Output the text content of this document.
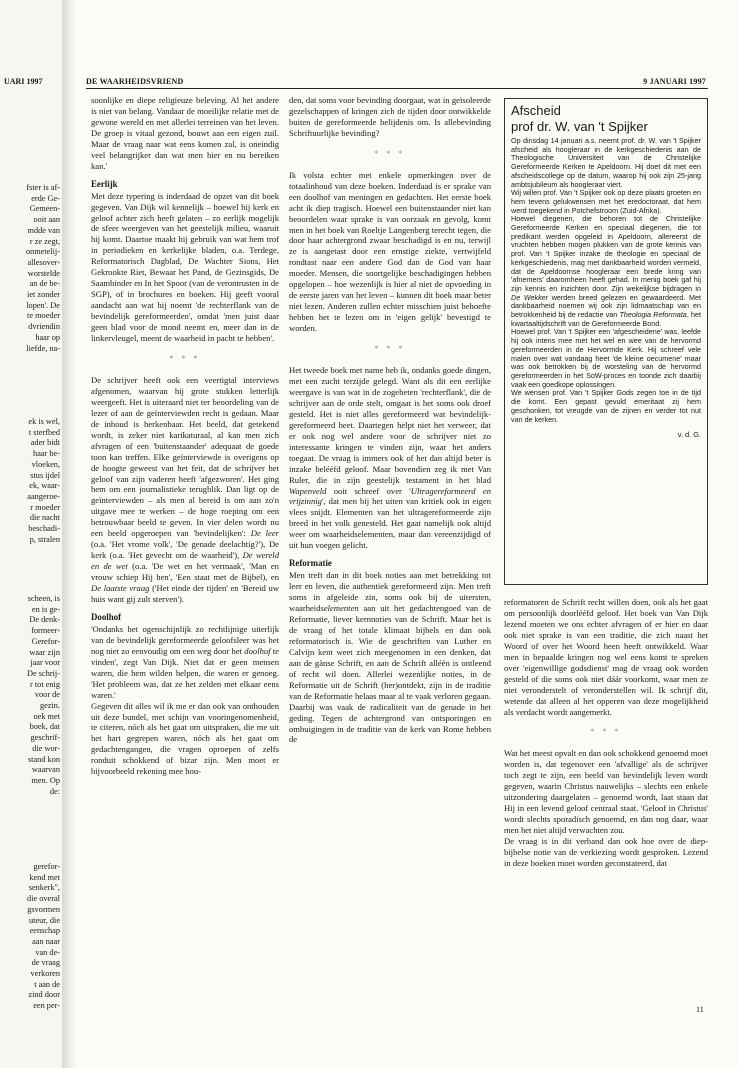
UARI 1997
fster is af-
erde Ge-
Gemeen-
ooit aan
mdde van
r ze zegt,
onmetelij-
allesover-
worstelde
an de be-
iet zonder
lopen'. De
te moeder
dvriendin
haar op
liefde, na-
ek is wel,
t sterfbed
ader bidt
haar be-
vloeken,
stus ijdel
ek, waar-
aangeroe-
r moeder
die nacht
beschadi-
p, stralen
scheen, is
en is ge-
De denk-
formeer-
Gerefor-
waar zijn
jaar voor
De schrij-
r tot enig
voor de
gezin.
oek met
boek, dat
geschrif-
die wor-
stand kon
waarvan
men. Op
de:
gerefor-
kend met
senkerk",
die overal
gsvormen
uteur, die
eenschap
aan naar
van de-
de vraag
verkoren
t aan de
zind door
een per-
DE WAARHEIDSVRIEND	9 JANUARI 1997

soonlijke en diepe religieuze beleving. Al het andere is niet van belang. Vandaar de moeilijke relatie met de gewone wereld en met allerlei terreinen van het leven. De groep is vitaal gezond, bouwt aan een eigen zuil. Maar de vraag naar wat eens komen zal, is oneindig veel belangrijker dan wat men hier en nu bereiken kan.'

Eerlijk

Met deze typering is inderdaad de opzet van dit boek gegeven. Van Dijk wil kennelijk – hoewel hij kerk en geloof achter zich heeft gelaten – zo eerlijk mogelijk de sfeer weergeven van het geestelijk milieu, waaruit hij komt. Daartoe maakt hij gebruik van wat hem trof in periodieken en kerkelijke bladen, o.a. Terdege, Reformatorisch Dagblad, De Wachter Sions, Het Gekrookte Riet, Bewaar het Pand, de Gezinsgids, De Saambinder en In het Spoor (van de verontrusten in de SGP), of in brochures en boeken. Hij geeft vooral aandacht aan wat hij noemt 'de rechterflank van de bevindelijk gereformeerden', omdat 'men juist daar geen blad voor de mond neemt en, meer dan in de linkervleugel, meent de waarheid in pacht te hebben'.

* * *

De schrijver heeft ook een veertigtal interviews afgenomen, waarvan hij grote stukken letterlijk weergeeft. Het is uiteraard niet ter beoordeling van de lezer of aan de geïnterviewden recht is gedaan. Maar de inhoud is herkenbaar. Het beeld, dat getekend wordt, is zeker niet karikaturaal, al kan men zich afvragen of een 'buitenstaander' adequaat de goede toon kan treffen. Elke geïnterviewde is overigens op de hoogte geweest van het feit, dat de schrijver het geloof van zijn vaderen heeft 'afgezworen'. Het ging hem om een journalistieke terugblik. Dan ligt op de geïnterviewden – als men al bereid is om aan zo'n uitgave mee te werken – de hoge roeping om een betrouwbaar beeld te geven. In vier delen wordt nu een beeld opgeroepen van 'bevindelijken': De leer (o.a. 'Het vrome volk', 'De genade deelachtig?'), De kerk (o.a. 'Het gevecht om de waarheid'), De wereld en de wet (o.a. 'De wet en het vermaak', 'Man en vrouw schiep Hij hen', 'Een staat met de Bijbel), en De laatste vraag ('Het einde der tijden' en 'Bereid uw huis want gij zult sterven').

Doolhof

'Ondanks het ogenschijnlijk zo rechtlijnige uiterlijk van de bevindelijk gereformeerde geloofsleer was het nog niet zo eenvoudig om een weg door het doolhof te vinden', zegt Van Dijk. Niet dat er geen mensen waren, die hem wilden helpen, die waren er genoeg. 'Het probleem was, dat ze het zelden met elkaar eens waren.'

Gegeven dit alles wil ik me er dan ook van onthouden uit deze bundel, met schijn van vooringenomenheid, te citeren, nóch als het gaat om uitspraken, die me uit het hart gegrepen waren, nóch als het gaat om gedachtengangen, die vragen oproepen of zelfs ronduit schokkend of bizar zijn. Men moet er bijvoorbeeld rekening mee hou-

den, dat soms voor bevinding doorgaat, wat in geïsoleerde gezelschappen of kringen zich de tijden door ontwikkelde buiten de gereformeerde belijdenis om. Is allebevinding Schriftuurlijke bevinding?

* * *

Ik volsta echter met enkele opmerkingen over de totaalinhoud van deze boeken. Inderdaad is er sprake van een doolhof van meningen en gedachten. Het eerste boek acht ik diep tragisch. Hoewel een buitenstaander niet kan beoordelen waar sprake is van oorzaak en gevolg, komt men in het boek van Roeltje Langenberg terecht tegen, die door haar achtergrond zwaar beschadigd is en nu, terwijl ze is aangetast door een ernstige ziekte, vertwijfeld rondtast naar een andere God dan de God van haar moeder. Mensen, die soortgelijke beschadigingen hebben opgelopen – hoe wezenlijk is hier al niet de opvoeding in de eerste jaren van het leven – kunnen dit boek maar beter niet lezen. Anderen zullen echter misschien juist behoefte hebben het te lezen om in 'eigen gelijk' bevestigd te worden.

* * *

Het tweede boek met name heb ik, ondanks goede dingen, met een zucht terzijde gelegd. Want als dit een eerlijke weergave is van wat in de zogeheten 'rechterflank', die de schrijver aan de orde stelt, omgaat is het soms ook droef gesteld. Het is niet alles gereformeerd wat bevindelijk-gereformeerd heet. Daartegen helpt niet het verweer, dat er ook nog wel andere voor de schrijver niet zo interessante kringen te vinden zijn, waar het anders toegaat. De vraag is immers ook of het dan altijd beter is inzake belééfd geloof. Maar bovendien zeg ik met Van Ruler, die in zijn geestelijk testament in het blad Wapenveld ooit schreef over 'Ultragereformeerd en vrijzinnig', dat men bij het uiten van kritiek ook in eigen vlees snijdt. Elementen van het ultragereformeerde zijn breed in het volk genesteld. Het gaat namelijk ook altijd weer om waarheidselementen, maar dan vereenzijdigd of uit hun voegen gelicht.

Reformatie

Men treft dan in dit boek noties aan met betrekking tot leer en leven, die authentiek gereformeerd zijn. Men treft soms in afgeleide zin, soms ook bij de uitersten, waarheidselementen aan uit het gedachtengoed van de Reformatie, liever kernnoties van de Schrift. Maar het is de vraag of het totale klimaat bijbels en dan ook reformatorisch is. Wie de geschriften van Luther en Calvijn kent weet zich meegenomen in een denken, dat aan de gànse Schrift, en aan de Schrift alléén is ontleend of recht wil doen. Allerlei wezenlijke noties, in de Reformatie uit de Schrift (her)ontdekt, zijn in de traditie van de Reformatie helaas maar al te vaak verloren gegaan. Daarbij was vaak de radicaliteit van de genade in het geding. Tegen de achtergrond van ontsporingen en ombuigingen in de traditie van de kerk van Rome hebben de

Afscheid
prof dr. W. van 't Spijker

Op dinsdag 14 januari a.s. neemt prof. dr. W. van 't Spijker afscheid als hoogleraar in de kerkgeschiedenis aan de Theologische Universiteit van de Christelijke Gereformeerde Kerken te Apeldoorn. Hij doet dit met een afscheidscollege op de datum, waarop hij ook zijn 25-jarig ambtsjubileum als hoogleraar viert.

Wij willen prof. Van 't Spijker ook op deze plaats groeten en hem tevens gelukwensen met het eredoctoraat, dat hem werd toegekend in Potchefstroom (Zuid-Afrika).

Hoewel diegenen, die behoren tot de Christelijke Gereformeerde Kerken en speciaal diegenen, die tot predikant werden opgeleid in Apeldoorn, allereerst de vruchten hebben mogen plukken van de grote kennis van prof. Van 't Spijker inzake de theologie en speciaal de kerkgeschiedenis, mag met dankbaarheid worden vermeld, dat de Apeldoornse hoogleraar een brede kring van 'afnemers' daaromheen heeft gehad. In menig boek gaf hij zijn kennis en inzichten door. Zijn wekelijkse bijdragen in De Wekker werden breed gelezen en gewaardeerd. Met dankbaarheid noemen wij ook zijn lidmaatschap van en betrokkenheid bij de redactie van Theologia Reformata, het kwartaaltijdschrift van de Gereformeerde Bond.

Hoewel prof. Van 't Spijker een 'afgescheidene' was, leefde hij ook intens mee met het wel en wee van de hervormd gereformeerden in de Hervormde Kerk. Hij schreef vele malen over wat vandaag heet 'de kleine oecumene' maar was ook betrokken bij de worsteling van de hervormd gereformeerden in het SoW-proces en toonde zich daarbij vaak een goedkope oplossingen.

We wensen prof. Van 't Spijker Gods zegen toe in de tijd die komt. Een gepast gevuld emeritaat zij hem geschonken, tot vreugde van de zijnen en verder tot nut van de kerken.

v. d. G.

reformatoren de Schrift recht willen doen, ook als het gaat om persoonlijk doorlééfd geloof. Het boek van Van Dijk lezend moeten we ons echter afvragen of er hier en daar ook niet sprake is van een traditie, die zich naast het Woord of over het Woord heen heeft ontwikkeld. Waar men in bepaalde kringen nog wel eens komt te spreken over 'eigenwillige godsdienst' mag de vraag ook worden gesteld of die soms ook niet dáár voorkomt, waar men ze niet veronderstelt of veronderstellen wil. Ik schrijf dit, wetende dat alleen al het opperen van deze mogelijkheid als verdacht wordt aangemerkt.

* * *

Wat het meest opvalt en dan ook schokkend genoemd moet worden is, dat tegenover een 'afvallige' als de schrijver toch zegt te zijn, een beeld van bevindelijk leven wordt gegeven, waarin Christus nauwelijks – slechts een enkele uitzondering daargelaten – genoemd wordt, laat staan dat Hij in een levend geloof centraal staat. 'Geloof in Christus' wordt slechts sporadisch genoemd, en dan nog daar, waar men het niet altijd verwachten zou.

De vraag is in dit verband dan ook hoe over de diep-bijbelse notie van de verkiezing wordt gesproken. Lezend in deze boeken moet worden geconstateerd, dat

11
